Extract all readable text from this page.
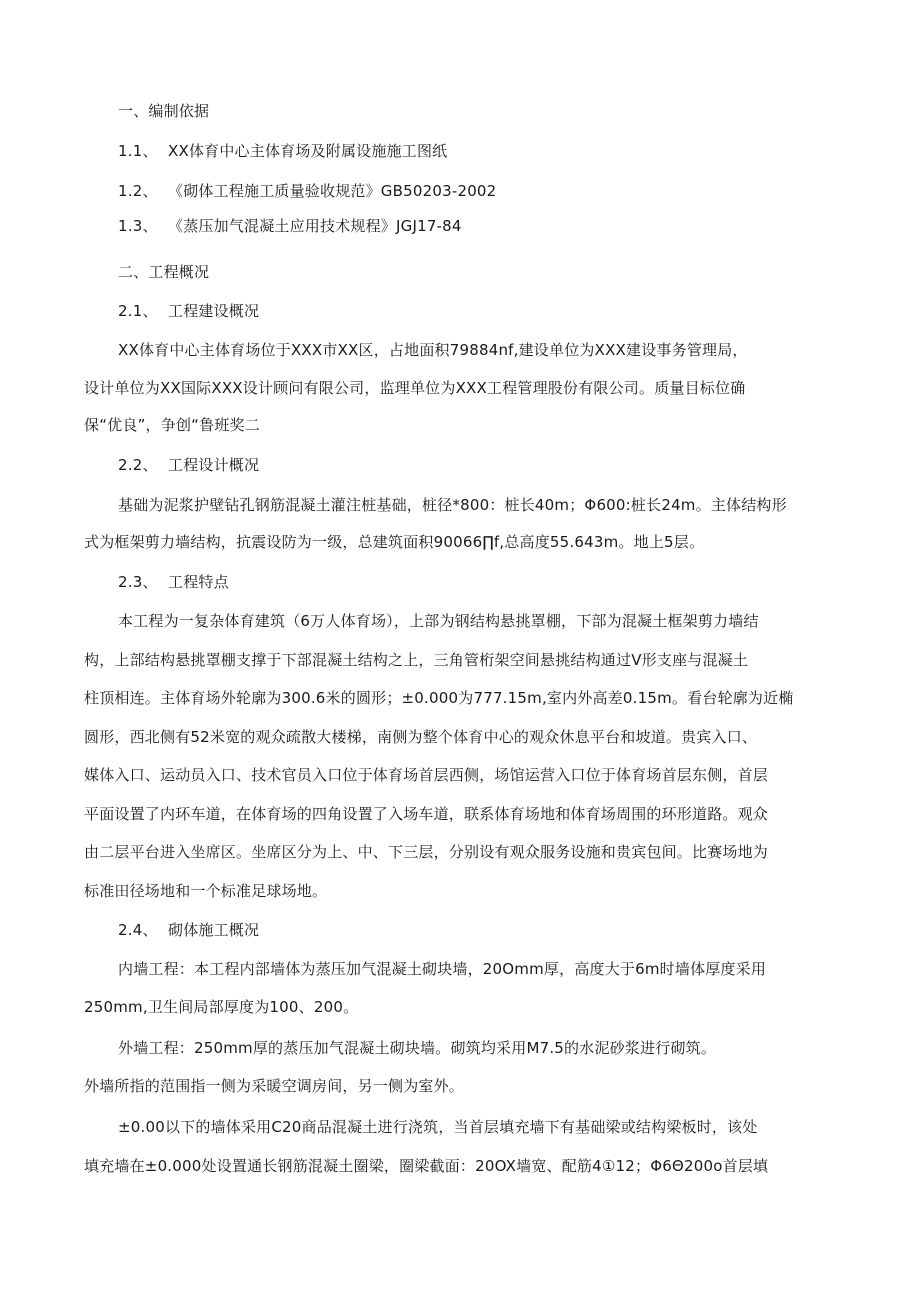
一、编制依据
1.1、 XX体育中心主体育场及附属设施施工图纸
1.2、 《砌体工程施工质量验收规范》GB50203-2002
1.3、 《蒸压加气混凝土应用技术规程》JGJ17-84
二、工程概况
2.1、 工程建设概况
XX体育中心主体育场位于XXX市XX区，占地面积79884nf,建设单位为XXX建设事务管理局，
设计单位为XX国际XXX设计顾问有限公司，监理单位为XXX工程管理股份有限公司。质量目标位确
保“优良”，争创“鲁班奖二
2.2、 工程设计概况
基础为泥浆护壁钻孔钢筋混凝土灌注桩基础，桩径*800：桩长40m；Φ600:桩长24m。主体结构形
式为框架剪力墙结构，抗震设防为一级，总建筑面积90066∏f,总高度55.643m。地上5层。
2.3、 工程特点
本工程为一复杂体育建筑（6万人体育场），上部为钢结构悬挑罩棚，下部为混凝土框架剪力墙结
构，上部结构悬挑罩棚支撑于下部混凝土结构之上，三角管桁架空间悬挑结构通过V形支座与混凝土
柱顶相连。主体育场外轮廓为300.6米的圆形；±0.000为777.15m,室内外高差0.15m。看台轮廓为近椭
圆形，西北侧有52米宽的观众疏散大楼梯，南侧为整个体育中心的观众休息平台和坡道。贵宾入口、
媒体入口、运动员入口、技术官员入口位于体育场首层西侧，场馆运营入口位于体育场首层东侧，首层
平面设置了内环车道，在体育场的四角设置了入场车道，联系体育场地和体育场周围的环形道路。观众
由二层平台进入坐席区。坐席区分为上、中、下三层，分别设有观众服务设施和贵宾包间。比赛场地为
标准田径场地和一个标准足球场地。
2.4、 砌体施工概况
内墙工程：本工程内部墙体为蒸压加气混凝土砌块墙，20Omm厚，高度大于6m时墙体厚度采用
250mm,卫生间局部厚度为100、200。
外墙工程：250mm厚的蒸压加气混凝土砌块墙。砌筑均采用M7.5的水泥砂浆进行砌筑。
外墙所指的范围指一侧为采暖空调房间，另一侧为室外。
±0.00以下的墙体采用C20商品混凝土进行浇筑，当首层填充墙下有基础梁或结构梁板时，该处
填充墙在±0.000处设置通长钢筋混凝土圈梁，圈梁截面：20OX墙宽、配筋4①12；Φ6Θ200o首层填
